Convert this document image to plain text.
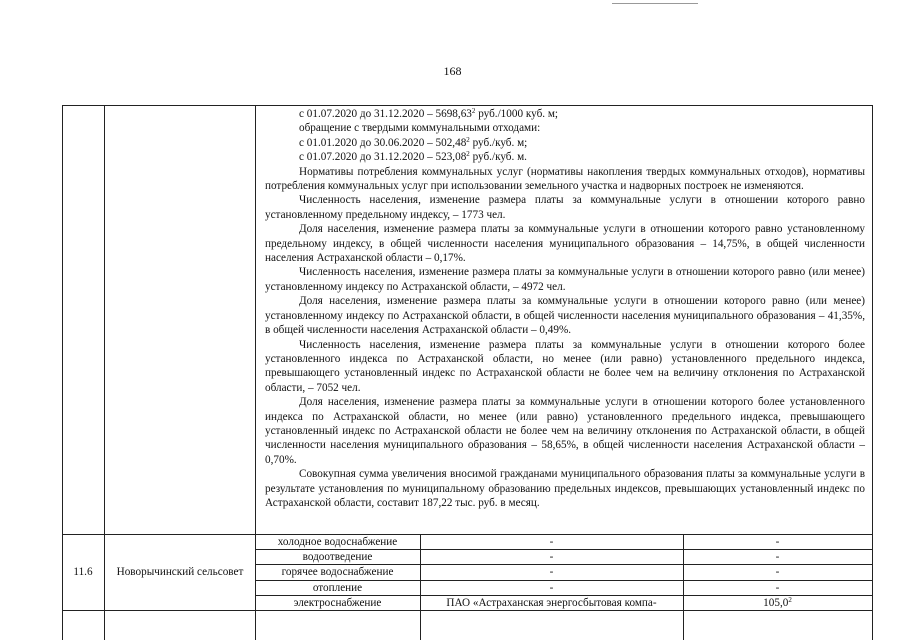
168
с 01.07.2020 до 31.12.2020 – 5698,63$^2$ руб./1000 куб. м;
обращение с твердыми коммунальными отходами:
с 01.01.2020 до 30.06.2020 – 502,48$^2$ руб./куб. м;
с 01.07.2020 до 31.12.2020 – 523,08$^2$ руб./куб. м.

Нормативы потребления коммунальных услуг (нормативы накопления твердых коммунальных отходов), нормативы потребления коммунальных услуг при использовании земельного участка и надворных построек не изменяются.

Численность населения, изменение размера платы за коммунальные услуги в отношении которого равно установленному предельному индексу, – 1773 чел.

Доля населения, изменение размера платы за коммунальные услуги в отношении которого равно установленному предельному индексу, в общей численности населения муниципального образования – 14,75%, в общей численности населения Астраханской области – 0,17%.

Численность населения, изменение размера платы за коммунальные услуги в отношении которого равно (или менее) установленному индексу по Астраханской области, – 4972 чел.

Доля населения, изменение размера платы за коммунальные услуги в отношении которого равно (или менее) установленному индексу по Астраханской области, в общей численности населения муниципального образования – 41,35%, в общей численности населения Астраханской области – 0,49%.

Численность населения, изменение размера платы за коммунальные услуги в отношении которого более установленного индекса по Астраханской области, но менее (или равно) установленного предельного индекса, превышающего установленный индекс по Астраханской области не более чем на величину отклонения по Астраханской области, – 7052 чел.

Доля населения, изменение размера платы за коммунальные услуги в отношении которого более установленного индекса по Астраханской области, но менее (или равно) установленного предельного индекса, превышающего установленный индекс по Астраханской области не более чем на величину отклонения по Астраханской области, в общей численности населения муниципального образования – 58,65%, в общей численности населения Астраханской области – 0,70%.

Совокупная сумма увеличения вносимой гражданами муниципального образования платы за коммунальные услуги в результате установления по муниципальному образованию предельных индексов, превышающих установленный индекс по Астраханской области, составит 187,22 тыс. руб. в месяц.

11.6	Новорычинский сельсовет
холодное водоснабжение	-	-
водоотведение	-	-
горячее водоснабжение	-	-
отопление	-	-
электроснабжение	ПАО «Астраханская энергосбытовая компа-	105,0$^2$
